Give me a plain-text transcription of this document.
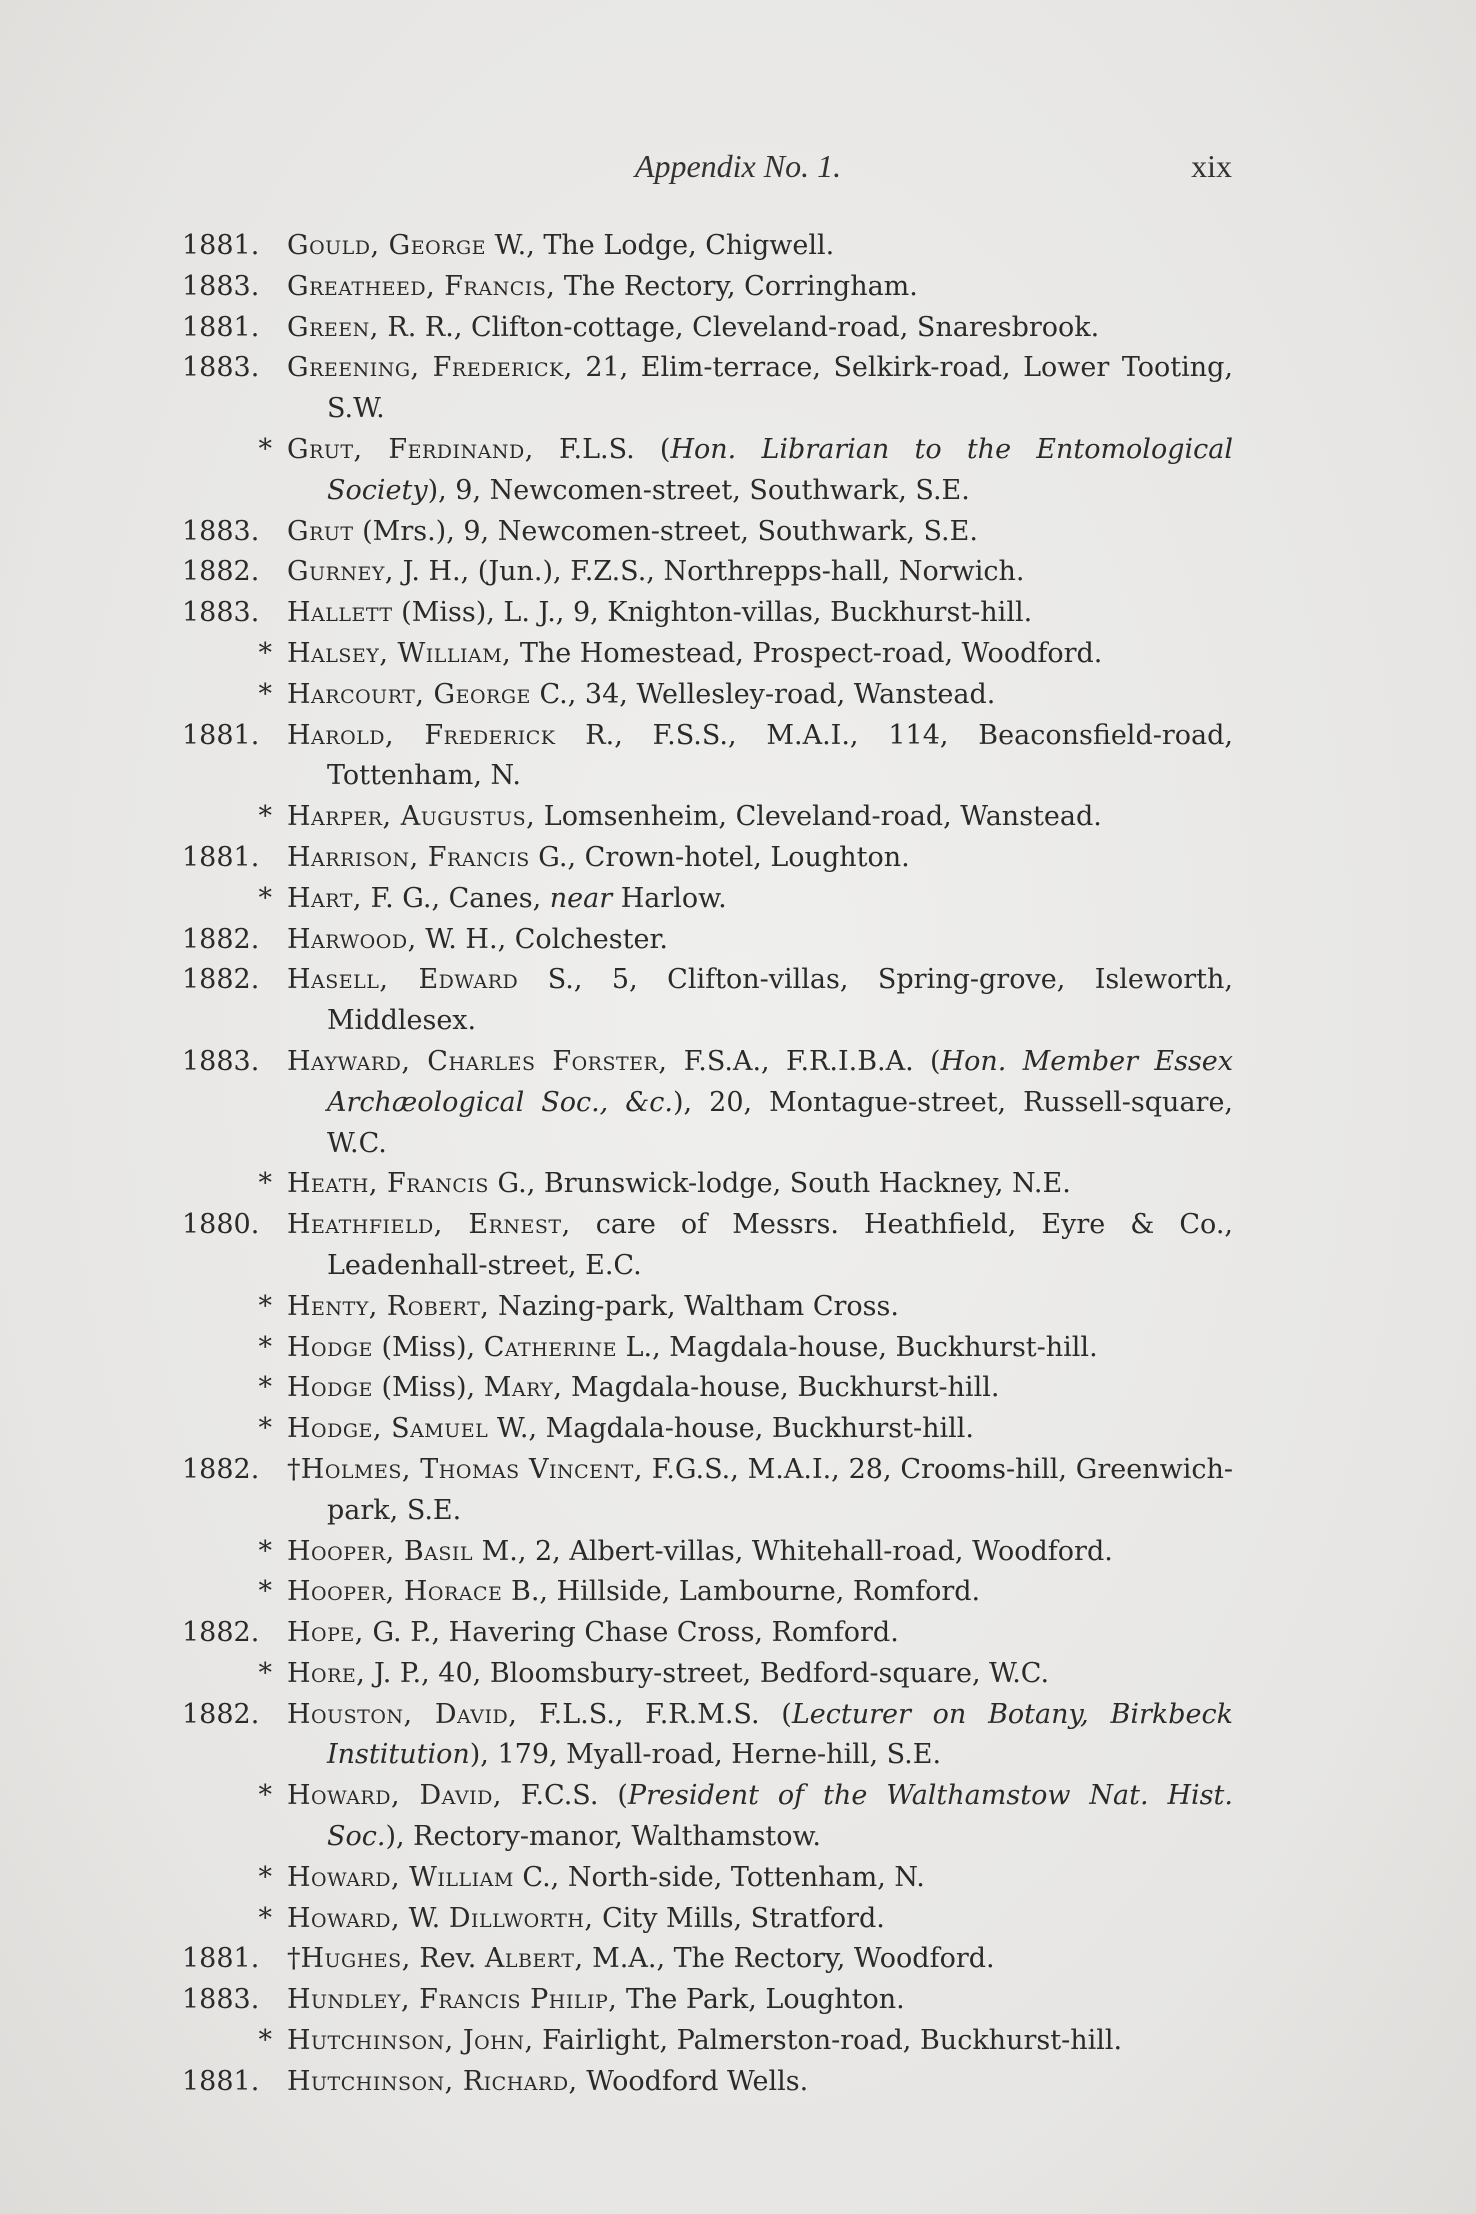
Appendix No. 1.	xix
1881.	Gould, George W., The Lodge, Chigwell.
1883.	Greatheed, Francis, The Rectory, Corringham.
1881.	Green, R. R., Clifton-cottage, Cleveland-road, Snaresbrook.
1883.	Greening, Frederick, 21, Elim-terrace, Selkirk-road, Lower Tooting, S.W.
* Grut, Ferdinand, F.L.S. (Hon. Librarian to the Entomological Society), 9, Newcomen-street, Southwark, S.E.
1883.	Grut (Mrs.), 9, Newcomen-street, Southwark, S.E.
1882.	Gurney, J. H., (Jun.), F.Z.S., Northrepps-hall, Norwich.
1883.	Hallett (Miss), L. J., 9, Knighton-villas, Buckhurst-hill.
* Halsey, William, The Homestead, Prospect-road, Woodford.
* Harcourt, George C., 34, Wellesley-road, Wanstead.
1881.	Harold, Frederick R., F.S.S., M.A.I., 114, Beaconsfield-road, Tottenham, N.
* Harper, Augustus, Lomsenheim, Cleveland-road, Wanstead.
1881.	Harrison, Francis G., Crown-hotel, Loughton.
* Hart, F. G., Canes, near Harlow.
1882.	Harwood, W. H., Colchester.
1882.	Hasell, Edward S., 5, Clifton-villas, Spring-grove, Isleworth, Middlesex.
1883.	Hayward, Charles Forster, F.S.A., F.R.I.B.A. (Hon. Member Essex Archæological Soc., &c.), 20, Montague-street, Russell-square, W.C.
* Heath, Francis G., Brunswick-lodge, South Hackney, N.E.
1880.	Heathfield, Ernest, care of Messrs. Heathfield, Eyre & Co., Leadenhall-street, E.C.
* Henty, Robert, Nazing-park, Waltham Cross.
* Hodge (Miss), Catherine L., Magdala-house, Buckhurst-hill.
* Hodge (Miss), Mary, Magdala-house, Buckhurst-hill.
* Hodge, Samuel W., Magdala-house, Buckhurst-hill.
1882.	†Holmes, Thomas Vincent, F.G.S., M.A.I., 28, Crooms-hill, Greenwich-park, S.E.
* Hooper, Basil M., 2, Albert-villas, Whitehall-road, Woodford.
* Hooper, Horace B., Hillside, Lambourne, Romford.
1882.	Hope, G. P., Havering Chase Cross, Romford.
* Hore, J. P., 40, Bloomsbury-street, Bedford-square, W.C.
1882.	Houston, David, F.L.S., F.R.M.S. (Lecturer on Botany, Birkbeck Institution), 179, Myall-road, Herne-hill, S.E.
* Howard, David, F.C.S. (President of the Walthamstow Nat. Hist. Soc.), Rectory-manor, Walthamstow.
* Howard, William C., North-side, Tottenham, N.
* Howard, W. Dillworth, City Mills, Stratford.
1881.	†Hughes, Rev. Albert, M.A., The Rectory, Woodford.
1883.	Hundley, Francis Philip, The Park, Loughton.
* Hutchinson, John, Fairlight, Palmerston-road, Buckhurst-hill.
1881.	Hutchinson, Richard, Woodford Wells.
